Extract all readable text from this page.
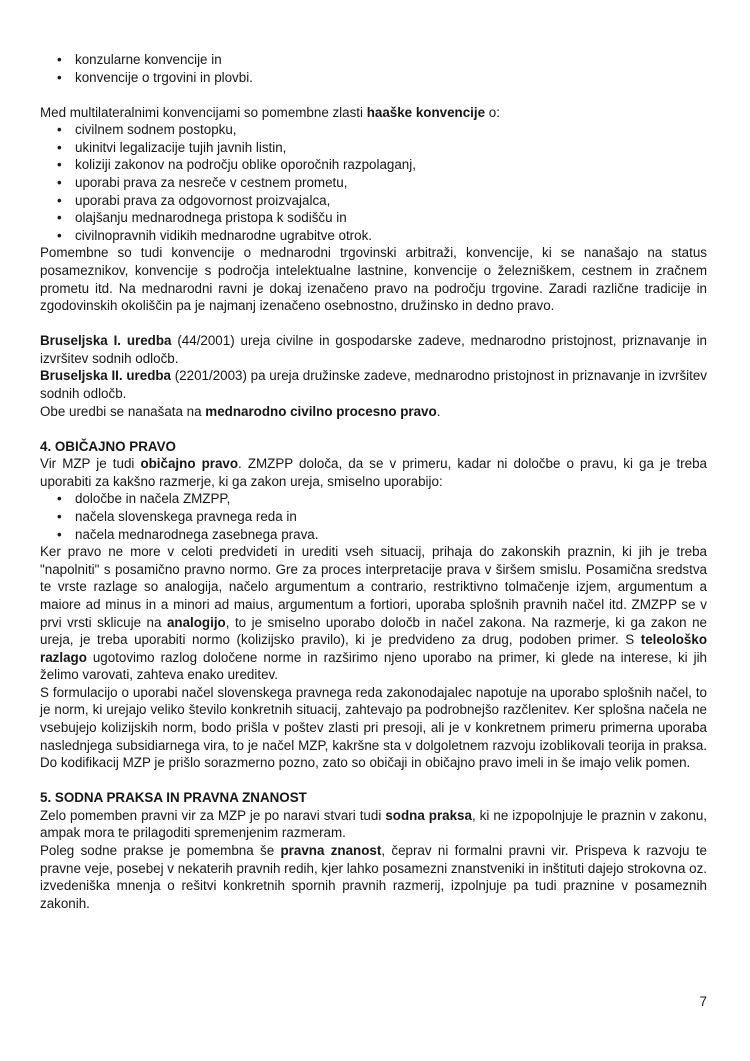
• konzularne konvencije in
• konvencije o trgovini in plovbi.

Med multilateralnimi konvencijami so pomembne zlasti haaške konvencije o:

• civilnem sodnem postopku,
• ukinitvi legalizacije tujih javnih listin,
• koliziji zakonov na področju oblike oporočnih razpolaganj,
• uporabi prava za nesreče v cestnem prometu,
• uporabi prava za odgovornost proizvajalca,
• olajšanju mednarodnega pristopa k sodišču in
• civilnopravnih vidikih mednarodne ugrabitve otrok.

Pomembne so tudi konvencije o mednarodni trgovinski arbitraži, konvencije, ki se nanašajo na status posameznikov, konvencije s področja intelektualne lastnine, konvencije o železniškem, cestnem in zračnem prometu itd. Na mednarodni ravni je dokaj izenačeno pravo na področju trgovine. Zaradi različne tradicije in zgodovinskih okoliščin pa je najmanj izenačeno osebnostno, družinsko in dedno pravo.

Bruseljska I. uredba (44/2001) ureja civilne in gospodarske zadeve, mednarodno pristojnost, priznavanje in izvršitev sodnih odločb.

Bruseljska II. uredba (2201/2003) pa ureja družinske zadeve, mednarodno pristojnost in priznavanje in izvršitev sodnih odločb.

Obe uredbi se nanašata na mednarodno civilno procesno pravo.

4. OBIČAJNO PRAVO

Vir MZP je tudi običajno pravo. ZMZPP določa, da se v primeru, kadar ni določbe o pravu, ki ga je treba uporabiti za kakšno razmerje, ki ga zakon ureja, smiselno uporabijo:

• določbe in načela ZMZPP,
• načela slovenskega pravnega reda in
• načela mednarodnega zasebnega prava.

Ker pravo ne more v celoti predvideti in urediti vseh situacij, prihaja do zakonskih praznin, ki jih je treba "napolniti" s posamično pravno normo. Gre za proces interpretacije prava v širšem smislu. Posamična sredstva te vrste razlage so analogija, načelo argumentum a contrario, restriktivno tolmačenje izjem, argumentum a maiore ad minus in a minori ad maius, argumentum a fortiori, uporaba splošnih pravnih načel itd. ZMZPP se v prvi vrsti sklicuje na analogijo, to je smiselno uporabo določb in načel zakona. Na razmerje, ki ga zakon ne ureja, je treba uporabiti normo (kolizijsko pravilo), ki je predvideno za drug, podoben primer. S teleološko razlago ugotovimo razlog določene norme in razširimo njeno uporabo na primer, ki glede na interese, ki jih želimo varovati, zahteva enako ureditev.

S formulacijo o uporabi načel slovenskega pravnega reda zakonodajalec napotuje na uporabo splošnih načel, to je norm, ki urejajo veliko število konkretnih situacij, zahtevajo pa podrobnejšo razčlenitev. Ker splošna načela ne vsebujejo kolizijskih norm, bodo prišla v poštev zlasti pri presoji, ali je v konkretnem primeru primerna uporaba naslednjega subsidiarnega vira, to je načel MZP, kakršne sta v dolgoletnem razvoju izoblikovali teorija in praksa. Do kodifikacij MZP je prišlo sorazmerno pozno, zato so običaji in običajno pravo imeli in še imajo velik pomen.

5. SODNA PRAKSA IN PRAVNA ZNANOST

Zelo pomemben pravni vir za MZP je po naravi stvari tudi sodna praksa, ki ne izpopolnjuje le praznin v zakonu, ampak mora te prilagoditi spremenjenim razmeram.

Poleg sodne prakse je pomembna še pravna znanost, čeprav ni formalni pravni vir. Prispeva k razvoju te pravne veje, posebej v nekaterih pravnih redih, kjer lahko posamezni znanstveniki in inštituti dajejo strokovna oz. izvedeniška mnenja o rešitvi konkretnih spornih pravnih razmerij, izpolnjuje pa tudi praznine v posameznih zakonih.

7
